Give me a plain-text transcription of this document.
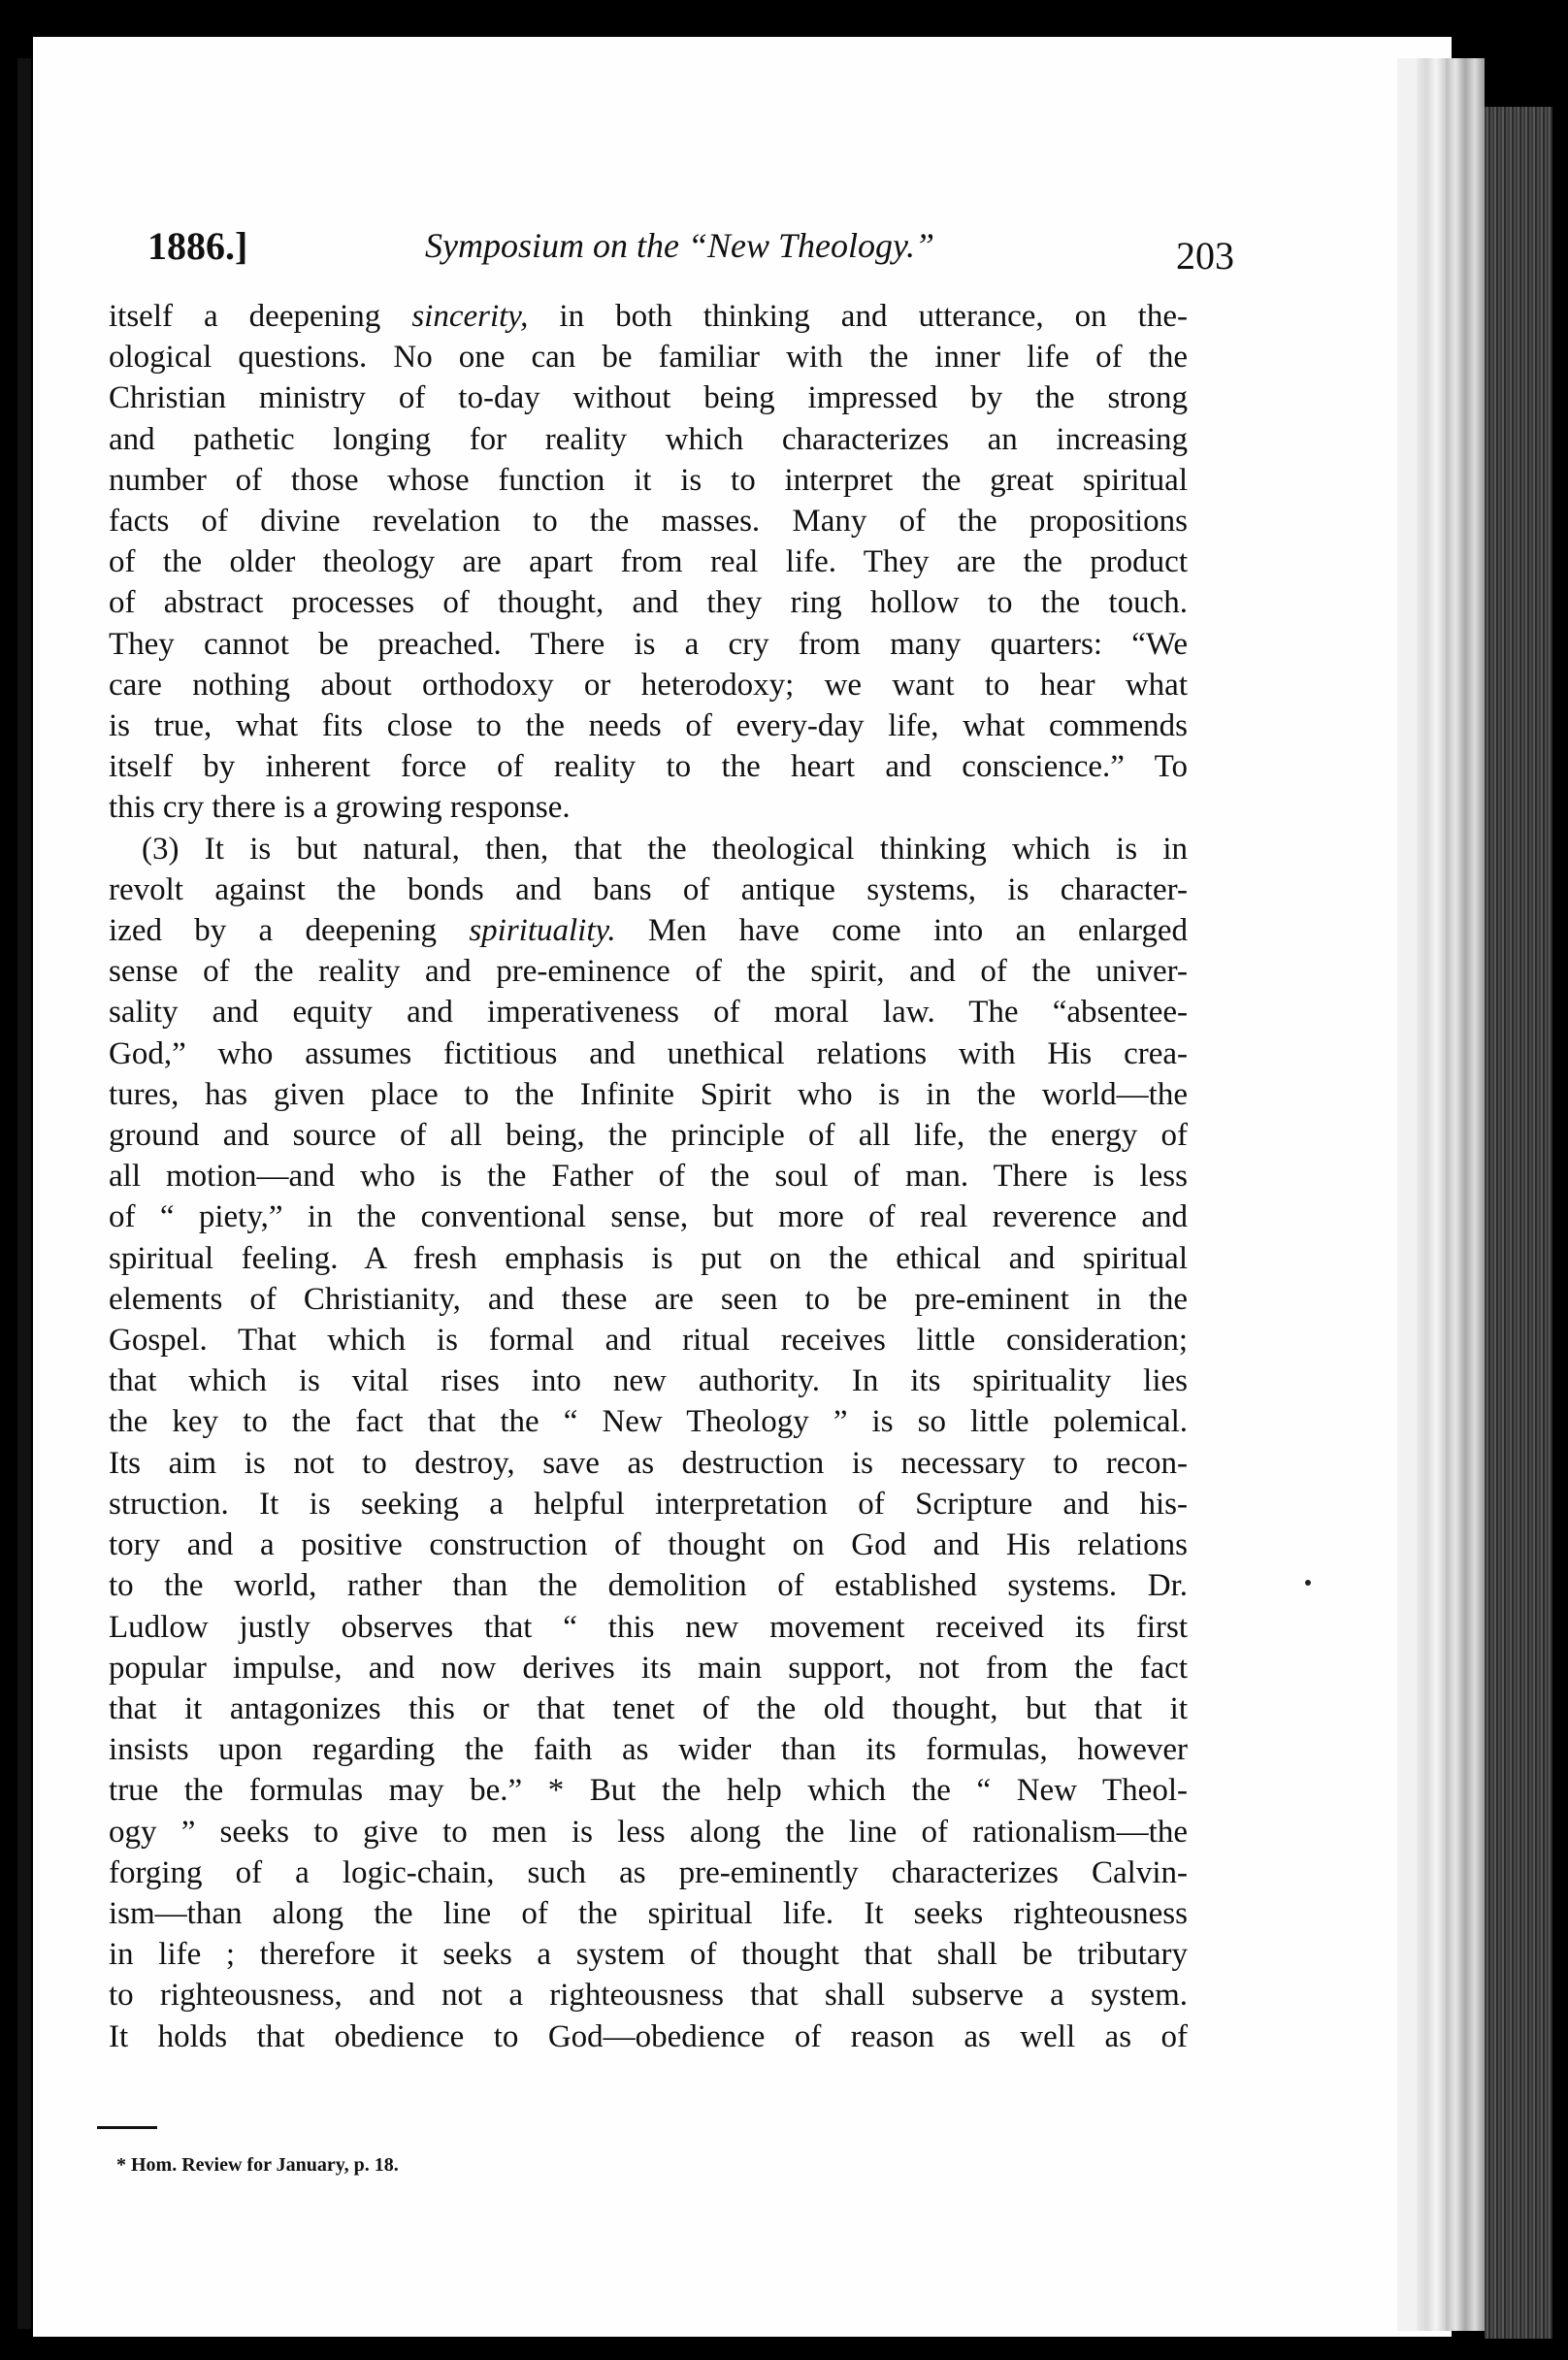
1886.]	Symposium on the “New Theology.”	203
itself a deepening sincerity, in both thinking and utterance, on the-
ological questions. No one can be familiar with the inner life of the
Christian ministry of to-day without being impressed by the strong
and pathetic longing for reality which characterizes an increasing
number of those whose function it is to interpret the great spiritual
facts of divine revelation to the masses. Many of the propositions
of the older theology are apart from real life. They are the product
of abstract processes of thought, and they ring hollow to the touch.
They cannot be preached. There is a cry from many quarters: “We
care nothing about orthodoxy or heterodoxy; we want to hear what
is true, what fits close to the needs of every-day life, what commends
itself by inherent force of reality to the heart and conscience.” To
this cry there is a growing response.
(3) It is but natural, then, that the theological thinking which is in
revolt against the bonds and bans of antique systems, is character-
ized by a deepening spirituality. Men have come into an enlarged
sense of the reality and pre-eminence of the spirit, and of the univer-
sality and equity and imperativeness of moral law. The “absentee-
God,” who assumes fictitious and unethical relations with His crea-
tures, has given place to the Infinite Spirit who is in the world—the
ground and source of all being, the principle of all life, the energy of
all motion—and who is the Father of the soul of man. There is less
of “ piety,” in the conventional sense, but more of real reverence and
spiritual feeling. A fresh emphasis is put on the ethical and spiritual
elements of Christianity, and these are seen to be pre-eminent in the
Gospel. That which is formal and ritual receives little consideration;
that which is vital rises into new authority. In its spirituality lies
the key to the fact that the “ New Theology ” is so little polemical.
Its aim is not to destroy, save as destruction is necessary to recon-
struction. It is seeking a helpful interpretation of Scripture and his-
tory and a positive construction of thought on God and His relations
to the world, rather than the demolition of established systems. Dr.
Ludlow justly observes that “ this new movement received its first
popular impulse, and now derives its main support, not from the fact
that it antagonizes this or that tenet of the old thought, but that it
insists upon regarding the faith as wider than its formulas, however
true the formulas may be.” * But the help which the “ New Theol-
ogy ” seeks to give to men is less along the line of rationalism—the
forging of a logic-chain, such as pre-eminently characterizes Calvin-
ism—than along the line of the spiritual life. It seeks righteousness
in life ; therefore it seeks a system of thought that shall be tributary
to righteousness, and not a righteousness that shall subserve a system.
It holds that obedience to God—obedience of reason as well as of
* Hom. Review for January, p. 18.
